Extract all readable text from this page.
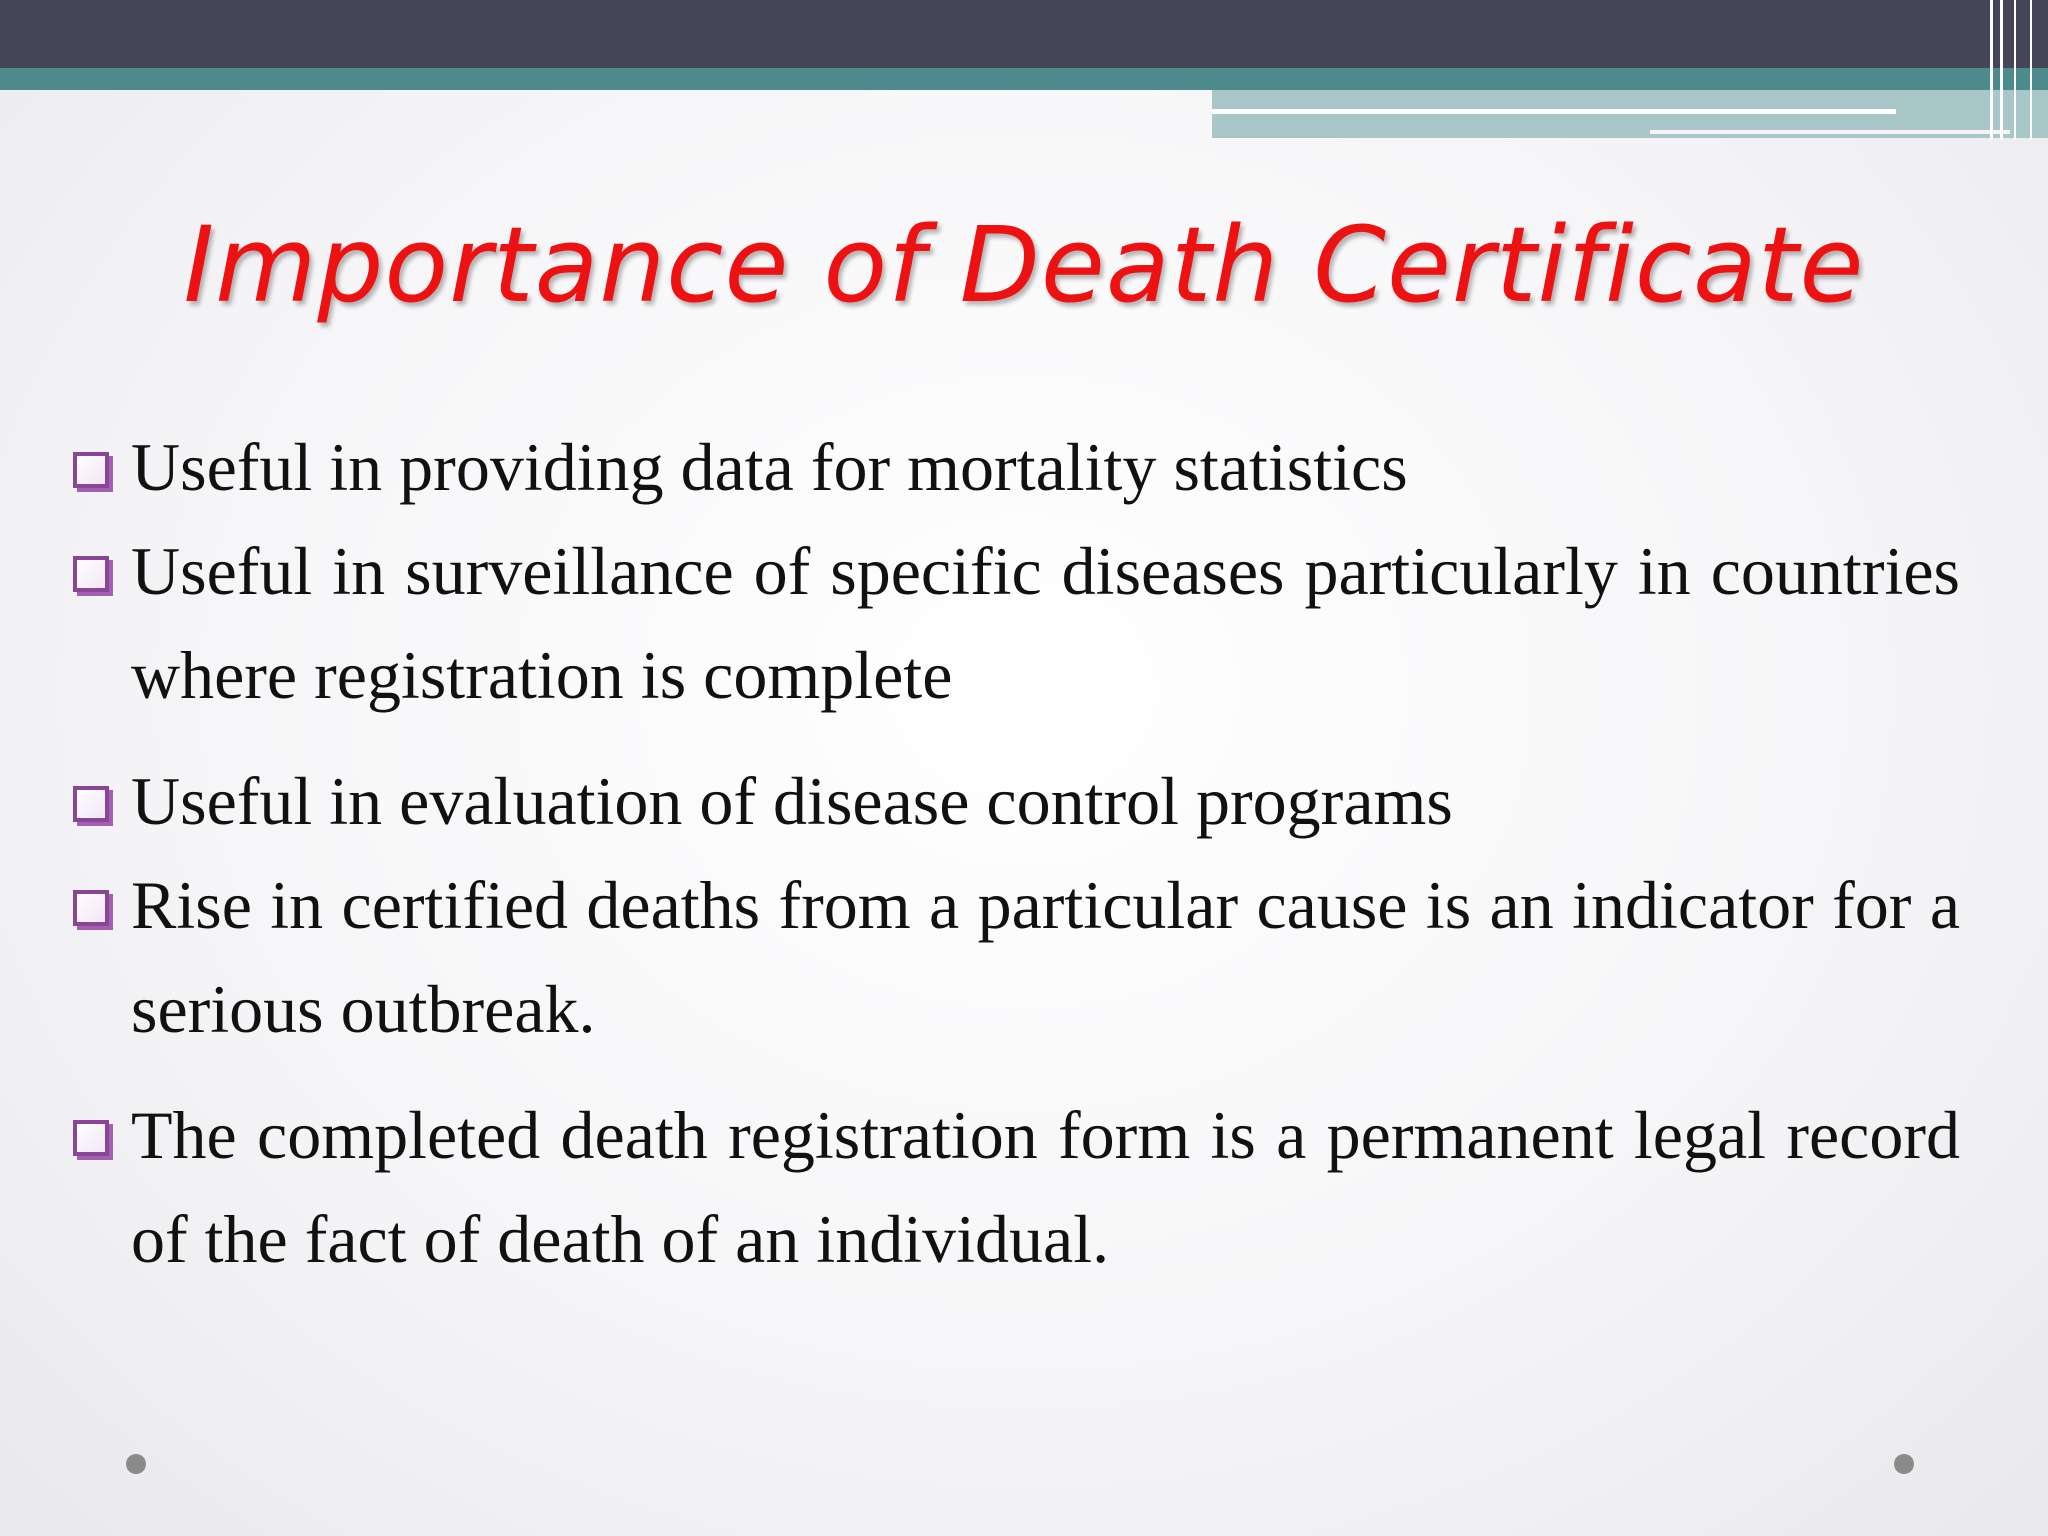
Importance of Death Certificate
Useful in providing data for mortality statistics
Useful in surveillance of specific diseases particularly in countries where registration is complete
Useful in evaluation of disease control programs
Rise in certified deaths from a particular cause is an indicator for a serious outbreak.
The completed death registration form is a permanent legal record of the fact of death of an individual.
